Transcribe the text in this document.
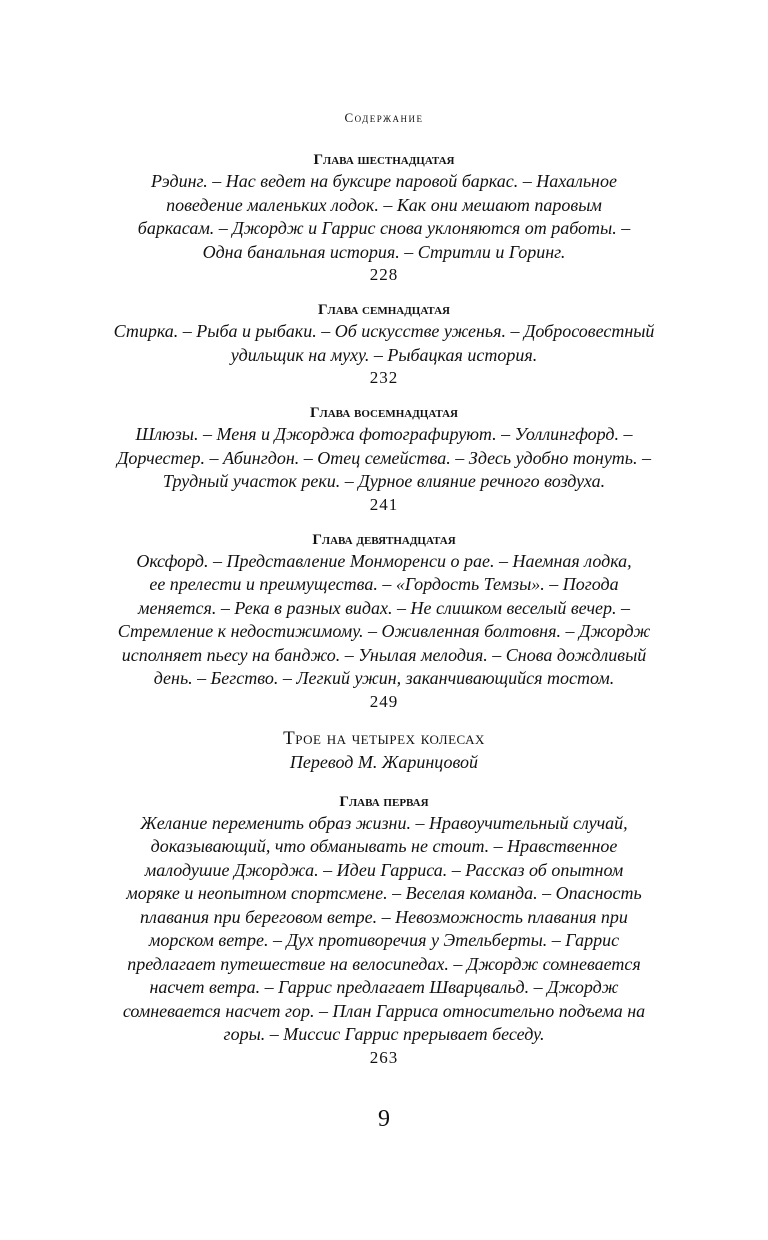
Содержание
Глава шестнадцатая
Рэдинг. – Нас ведет на буксире паровой баркас. – Нахальное
поведение маленьких лодок. – Как они мешают паровым
баркасам. – Джордж и Гаррис снова уклоняются от работы. –
Одна банальная история. – Стритли и Горинг.
228
Глава семнадцатая
Стирка. – Рыба и рыбаки. – Об искусстве уженья. – Добросовестный
удильщик на муху. – Рыбацкая история.
232
Глава восемнадцатая
Шлюзы. – Меня и Джорджа фотографируют. – Уоллингфорд. –
Дорчестер. – Абингдон. – Отец семейства. – Здесь удобно тонуть. –
Трудный участок реки. – Дурное влияние речного воздуха.
241
Глава девятнадцатая
Оксфорд. – Представление Монморенси о рае. – Наемная лодка,
ее прелести и преимущества. – «Гордость Темзы». – Погода
меняется. – Река в разных видах. – Не слишком веселый вечер. –
Стремление к недостижимому. – Оживленная болтовня. – Джордж
исполняет пьесу на банджо. – Унылая мелодия. – Снова дождливый
день. – Бегство. – Легкий ужин, заканчивающийся тостом.
249
Трое на четырех колесах
Перевод М. Жаринцовой
Глава первая
Желание переменить образ жизни. – Нравоучительный случай,
доказывающий, что обманывать не стоит. – Нравственное
малодушие Джорджа. – Идеи Гарриса. – Рассказ об опытном
моряке и неопытном спортсмене. – Веселая команда. – Опасность
плавания при береговом ветре. – Невозможность плавания при
морском ветре. – Дух противоречия у Этельберты. – Гаррис
предлагает путешествие на велосипедах. – Джордж сомневается
насчет ветра. – Гаррис предлагает Шварцвальд. – Джордж
сомневается насчет гор. – План Гарриса относительно подъема на
горы. – Миссис Гаррис прерывает беседу.
263
9
